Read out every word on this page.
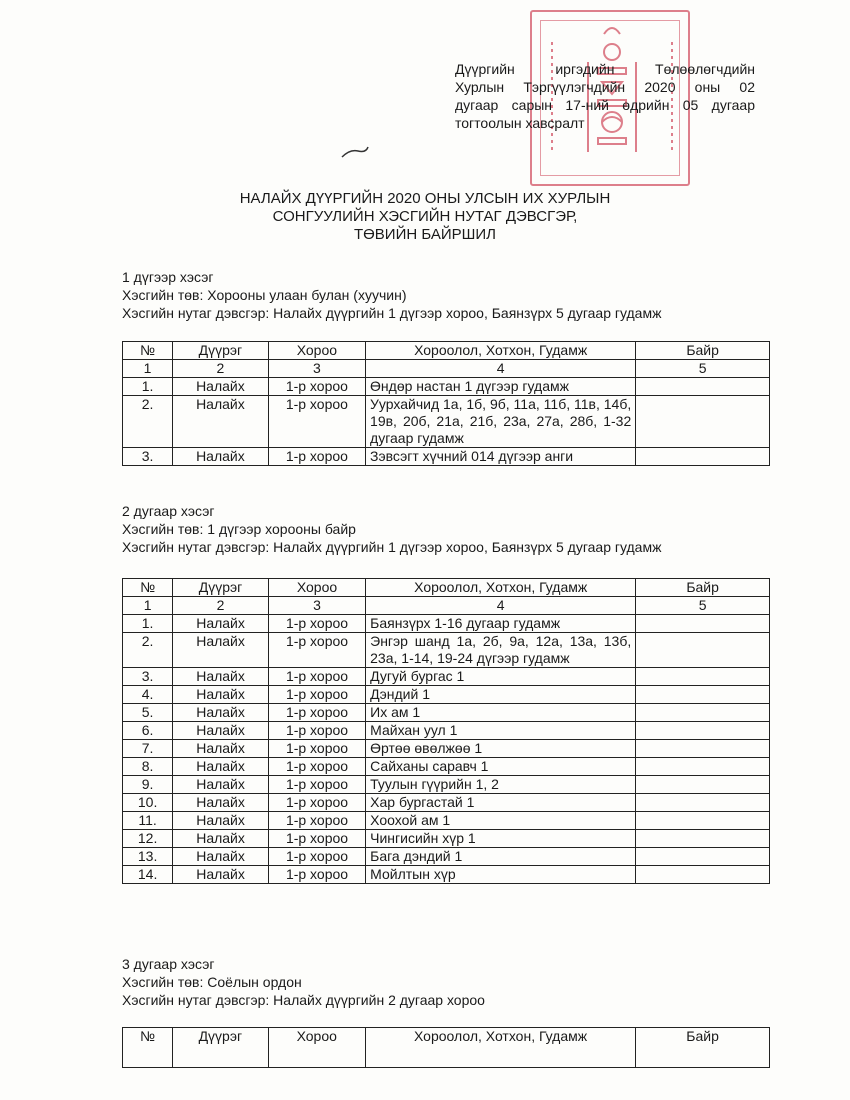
Дүүргийн иргэдийн Төлөөлөгчдийн
Хурлын Тэргүүлэгчдийн 2020 оны 02
дугаар сарын 17-ний өдрийн 05 дугаар
тогтоолын хавсралт
НАЛАЙХ ДҮҮРГИЙН 2020 ОНЫ УЛСЫН ИХ ХУРЛЫН
СОНГУУЛИЙН ХЭСГИЙН НУТАГ ДЭВСГЭР,
ТӨВИЙН БАЙРШИЛ

1 дүгээр хэсэг

Хэсгийн төв: Хорооны улаан булан (хуучин)

Хэсгийн нутаг дэвсгэр: Налайх дүүргийн 1 дүгээр хороо, Баянзүрх 5 дугаар гудамж

№	Дүүрэг	Хороо	Хороолол, Хотхон, Гудамж	Байр
1	2	3	4	5
1.	Налайх	1-р хороо	Өндөр настан 1 дүгээр гудамж	
2.	Налайх	1-р хороо	Уурхайчид 1а, 1б, 9б, 11а, 11б, 11в, 14б, 19в, 20б, 21а, 21б, 23а, 27а, 28б, 1-32 дугаар гудамж	
3.	Налайх	1-р хороо	Зэвсэгт хүчний 014 дүгээр анги	

2 дугаар хэсэг

Хэсгийн төв: 1 дүгээр хорооны байр

Хэсгийн нутаг дэвсгэр: Налайх дүүргийн 1 дүгээр хороо, Баянзүрх 5 дугаар гудамж

№	Дүүрэг	Хороо	Хороолол, Хотхон, Гудамж	Байр
1	2	3	4	5
1.	Налайх	1-р хороо	Баянзүрх 1-16 дугаар гудамж	
2.	Налайх	1-р хороо	Энгэр шанд 1а, 2б, 9а, 12а, 13а, 13б, 23а, 1-14, 19-24 дүгээр гудамж	
3.	Налайх	1-р хороо	Дугуй бургас 1	
4.	Налайх	1-р хороо	Дэндий 1	
5.	Налайх	1-р хороо	Их ам 1	
6.	Налайх	1-р хороо	Майхан уул 1	
7.	Налайх	1-р хороо	Өртөө өвөлжөө 1	
8.	Налайх	1-р хороо	Сайханы саравч 1	
9.	Налайх	1-р хороо	Туулын гүүрийн 1, 2	
10.	Налайх	1-р хороо	Хар бургастай 1	
11.	Налайх	1-р хороо	Хоохой ам 1	
12.	Налайх	1-р хороо	Чингисийн хүр 1	
13.	Налайх	1-р хороо	Бага дэндий 1	
14.	Налайх	1-р хороо	Мойлтын хүр	

3 дугаар хэсэг

Хэсгийн төв: Соёлын ордон

Хэсгийн нутаг дэвсгэр: Налайх дүүргийн 2 дугаар хороо

№	Дүүрэг	Хороо	Хороолол, Хотхон, Гудамж	Байр
